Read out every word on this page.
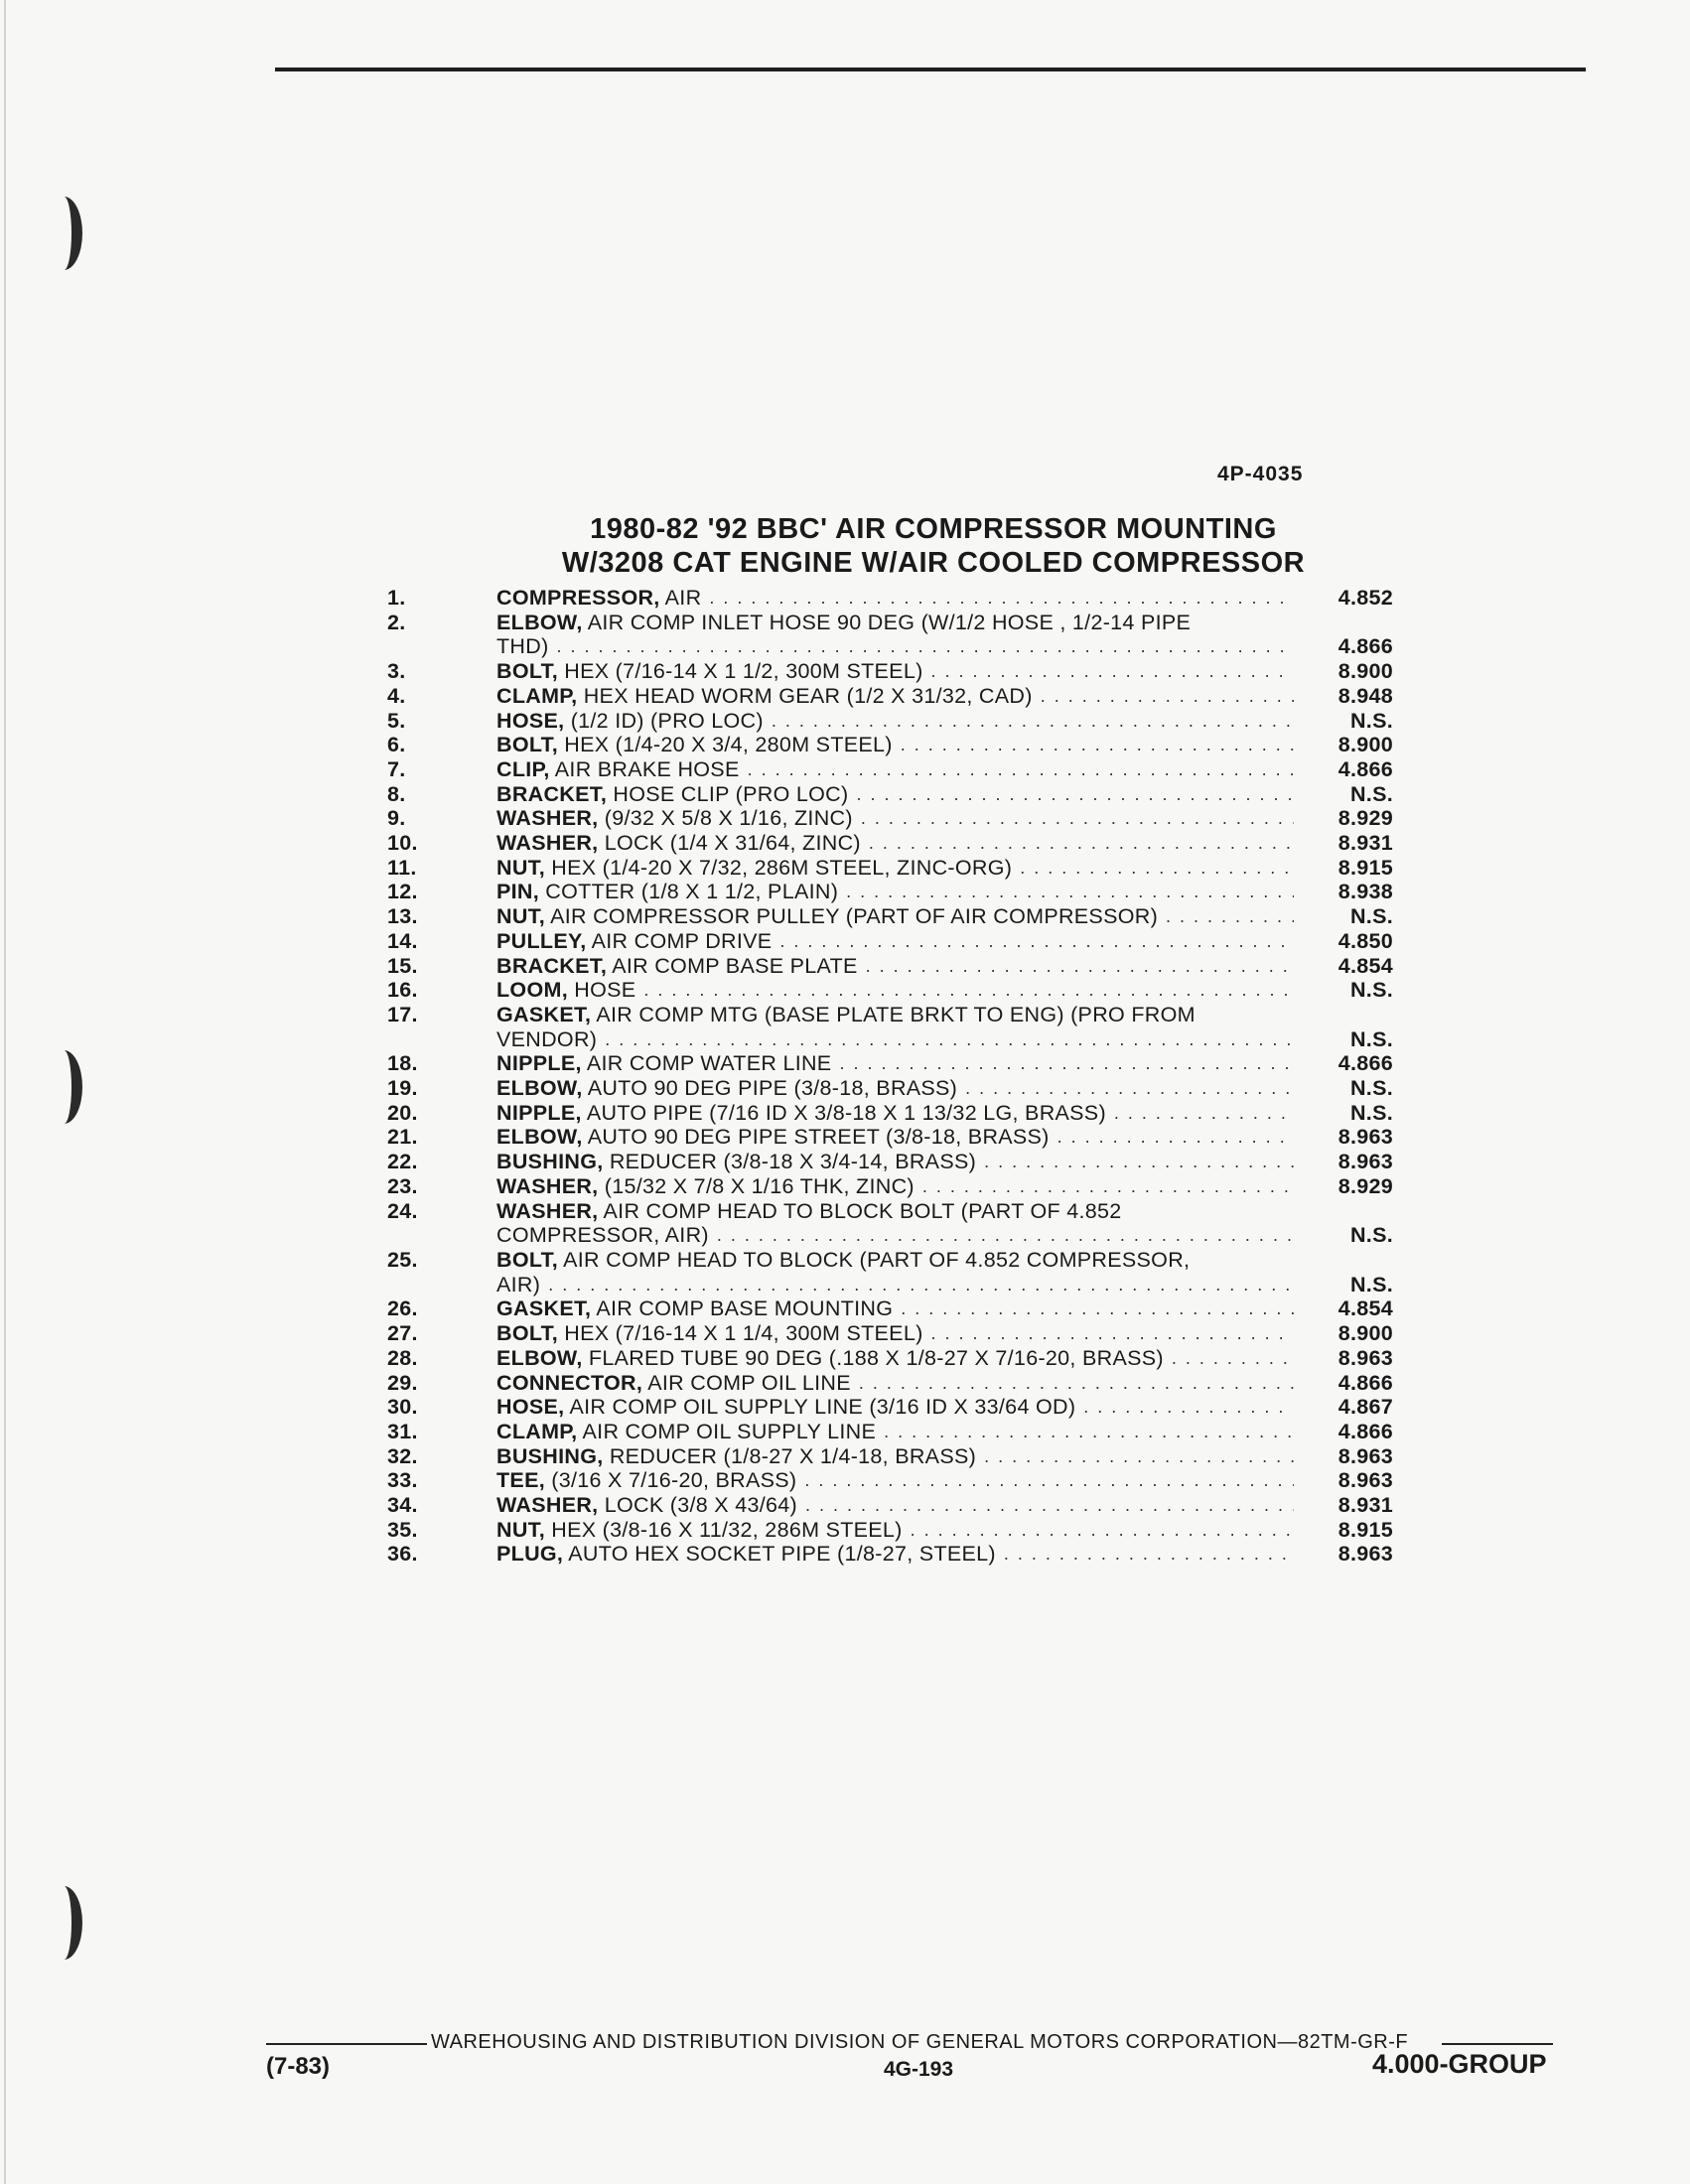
4P-4035
1980-82 '92 BBC' AIR COMPRESSOR MOUNTING
W/3208 CAT ENGINE W/AIR COOLED COMPRESSOR
1.	COMPRESSOR, AIR . . .	4.852
2.	ELBOW, AIR COMP INLET HOSE 90 DEG (W/1/2 HOSE , 1/2-14 PIPE
THD) . . .	4.866
3.	BOLT, HEX (7/16-14 X 1 1/2, 300M STEEL) . . .	8.900
4.	CLAMP, HEX HEAD WORM GEAR (1/2 X 31/32, CAD) . . .	8.948
5.	HOSE, (1/2 ID) (PRO LOC) . . .	N.S.
6.	BOLT, HEX (1/4-20 X 3/4, 280M STEEL) . . .	8.900
7.	CLIP, AIR BRAKE HOSE . . .	4.866
8.	BRACKET, HOSE CLIP (PRO LOC) . . .	N.S.
9.	WASHER, (9/32 X 5/8 X 1/16, ZINC) . . .	8.929
10.	WASHER, LOCK (1/4 X 31/64, ZINC) . . .	8.931
11.	NUT, HEX (1/4-20 X 7/32, 286M STEEL, ZINC-ORG) . . .	8.915
12.	PIN, COTTER (1/8 X 1 1/2, PLAIN) . . .	8.938
13.	NUT, AIR COMPRESSOR PULLEY (PART OF AIR COMPRESSOR) . . .	N.S.
14.	PULLEY, AIR COMP DRIVE . . .	4.850
15.	BRACKET, AIR COMP BASE PLATE . . .	4.854
16.	LOOM, HOSE . . .	N.S.
17.	GASKET, AIR COMP MTG (BASE PLATE BRKT TO ENG) (PRO FROM
VENDOR) . . .	N.S.
18.	NIPPLE, AIR COMP WATER LINE . . .	4.866
19.	ELBOW, AUTO 90 DEG PIPE (3/8-18, BRASS) . . .	N.S.
20.	NIPPLE, AUTO PIPE (7/16 ID X 3/8-18 X 1 13/32 LG, BRASS) . . .	N.S.
21.	ELBOW, AUTO 90 DEG PIPE STREET (3/8-18, BRASS) . . .	8.963
22.	BUSHING, REDUCER (3/8-18 X 3/4-14, BRASS) . . .	8.963
23.	WASHER, (15/32 X 7/8 X 1/16 THK, ZINC) . . .	8.929
24.	WASHER, AIR COMP HEAD TO BLOCK BOLT (PART OF 4.852
COMPRESSOR, AIR) . . .	N.S.
25.	BOLT, AIR COMP HEAD TO BLOCK (PART OF 4.852 COMPRESSOR,
AIR) . . .	N.S.
26.	GASKET, AIR COMP BASE MOUNTING . . .	4.854
27.	BOLT, HEX (7/16-14 X 1 1/4, 300M STEEL) . . .	8.900
28.	ELBOW, FLARED TUBE 90 DEG (.188 X 1/8-27 X 7/16-20, BRASS) . . .	8.963
29.	CONNECTOR, AIR COMP OIL LINE . . .	4.866
30.	HOSE, AIR COMP OIL SUPPLY LINE (3/16 ID X 33/64 OD) . . .	4.867
31.	CLAMP, AIR COMP OIL SUPPLY LINE . . .	4.866
32.	BUSHING, REDUCER (1/8-27 X 1/4-18, BRASS) . . .	8.963
33.	TEE, (3/16 X 7/16-20, BRASS) . . .	8.963
34.	WASHER, LOCK (3/8 X 43/64) . . .	8.931
35.	NUT, HEX (3/8-16 X 11/32, 286M STEEL) . . .	8.915
36.	PLUG, AUTO HEX SOCKET PIPE (1/8-27, STEEL) . . .	8.963
WAREHOUSING AND DISTRIBUTION DIVISION OF GENERAL MOTORS CORPORATION—82TM-GR-F
(7-83)	4G-193	4.000-GROUP
